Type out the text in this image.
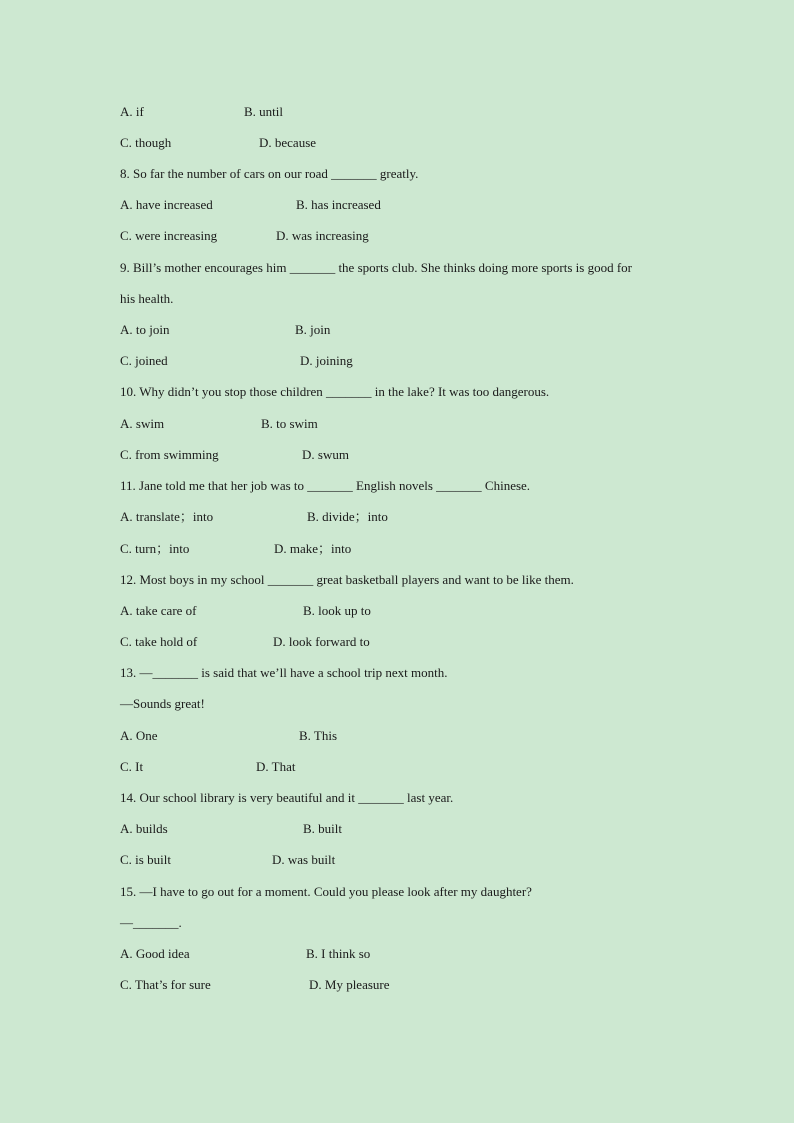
A. if	B. until
C. though	D. because
8. So far the number of cars on our road _______ greatly.
A. have increased	B. has increased
C. were increasing	D. was increasing
9. Bill’s mother encourages him _______ the sports club. She thinks doing more sports is good for
his health.
A. to join	B. join
C. joined	D. joining
10. Why didn’t you stop those children _______ in the lake? It was too dangerous.
A. swim	B. to swim
C. from swimming	D. swum
11. Jane told me that her job was to _______ English novels _______ Chinese.
A. translate；into	B. divide；into
C. turn；into	D. make；into
12. Most boys in my school _______ great basketball players and want to be like them.
A. take care of	B. look up to
C. take hold of	D. look forward to
13. —_______ is said that we’ll have a school trip next month.
—Sounds great!
A. One	B. This
C. It	D. That
14. Our school library is very beautiful and it _______ last year.
A. builds	B. built
C. is built	D. was built
15. —I have to go out for a moment. Could you please look after my daughter?
—_______.
A. Good idea	B. I think so
C. That’s for sure	D. My pleasure
